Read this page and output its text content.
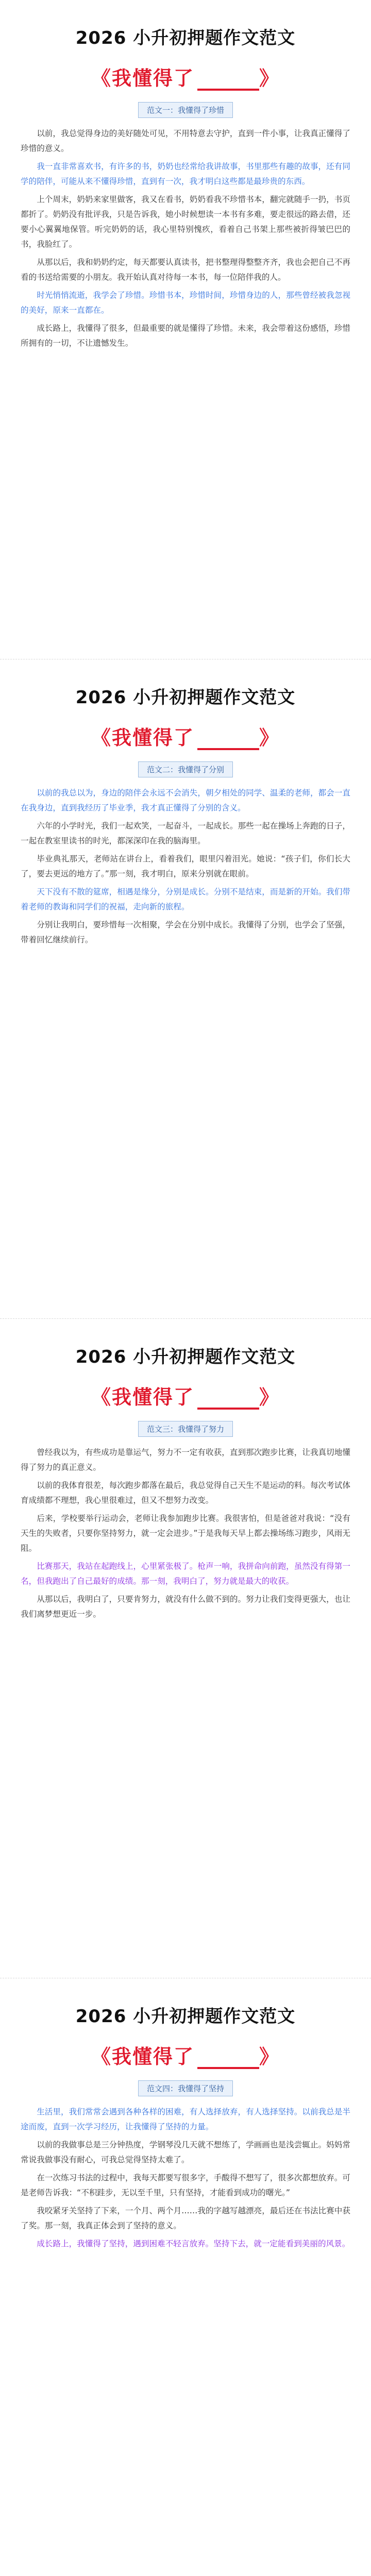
2026 小升初押题作文范文
《我懂得了	》
范文一：我懂得了珍惜

以前，我总觉得身边的美好随处可见，不用特意去守护，直到一件小事，让我真正懂得了珍惜的意义。

我一直非常喜欢书，有许多的书，奶奶也经常给我讲故事，书里那些有趣的故事，还有同学的陪伴，可能从来不懂得珍惜，直到有一次，我才明白这些都是最珍贵的东西。

上个周末，奶奶来家里做客，我又在看书，奶奶看我不珍惜书本，翻完就随手一扔，书页都折了。奶奶没有批评我，只是告诉我，她小时候想读一本书有多难，要走很远的路去借，还要小心翼翼地保管。听完奶奶的话，我心里特别愧疚，看着自己书架上那些被折得皱巴巴的书，我脸红了。

从那以后，我和奶奶约定，每天都要认真读书，把书整理得整整齐齐，我也会把自己不再看的书送给需要的小朋友。我开始认真对待每一本书，每一位陪伴我的人。

时光悄悄流逝，我学会了珍惜。珍惜书本，珍惜时间，珍惜身边的人，那些曾经被我忽视的美好，原来一直都在。

成长路上，我懂得了很多，但最重要的就是懂得了珍惜。未来，我会带着这份感悟，珍惜所拥有的一切，不让遗憾发生。

2026 小升初押题作文范文
《我懂得了	》
范文二：我懂得了分别

以前的我总以为，身边的陪伴会永远不会消失，朝夕相处的同学、温柔的老师，都会一直在我身边，直到我经历了毕业季，我才真正懂得了分别的含义。

六年的小学时光，我们一起欢笑，一起奋斗，一起成长。那些一起在操场上奔跑的日子，一起在教室里读书的时光，都深深印在我的脑海里。

毕业典礼那天，老师站在讲台上，看着我们，眼里闪着泪光。她说：“孩子们，你们长大了，要去更远的地方了。”那一刻，我才明白，原来分别就在眼前。

天下没有不散的筵席，相遇是缘分，分别是成长。分别不是结束，而是新的开始。我们带着老师的教诲和同学们的祝福，走向新的旅程。

分别让我明白，要珍惜每一次相聚，学会在分别中成长。我懂得了分别，也学会了坚强，带着回忆继续前行。

2026 小升初押题作文范文
《我懂得了	》
范文三：我懂得了努力

曾经我以为，有些成功是靠运气，努力不一定有收获，直到那次跑步比赛，让我真切地懂得了努力的真正意义。

以前的我体育很差，每次跑步都落在最后，我总觉得自己天生不是运动的料。每次考试体育成绩都不理想，我心里很难过，但又不想努力改变。

后来，学校要举行运动会，老师让我参加跑步比赛。我很害怕，但是爸爸对我说：“没有天生的失败者，只要你坚持努力，就一定会进步。”于是我每天早上都去操场练习跑步，风雨无阻。

比赛那天，我站在起跑线上，心里紧张极了。枪声一响，我拼命向前跑，虽然没有得第一名，但我跑出了自己最好的成绩。那一刻，我明白了，努力就是最大的收获。

从那以后，我明白了，只要肯努力，就没有什么做不到的。努力让我们变得更强大，也让我们离梦想更近一步。

2026 小升初押题作文范文
《我懂得了	》
范文四：我懂得了坚持

生活里，我们常常会遇到各种各样的困难，有人选择放弃，有人选择坚持。以前我总是半途而废，直到一次学习经历，让我懂得了坚持的力量。

以前的我做事总是三分钟热度，学钢琴没几天就不想练了，学画画也是浅尝辄止。妈妈常常说我做事没有耐心，可我总觉得坚持太难了。

在一次练习书法的过程中，我每天都要写很多字，手酸得不想写了，很多次都想放弃。可是老师告诉我：“不积跬步，无以至千里，只有坚持，才能看到成功的曙光。”

我咬紧牙关坚持了下来，一个月、两个月……我的字越写越漂亮，最后还在书法比赛中获了奖。那一刻，我真正体会到了坚持的意义。

成长路上，我懂得了坚持，遇到困难不轻言放弃。坚持下去，就一定能看到美丽的风景。
